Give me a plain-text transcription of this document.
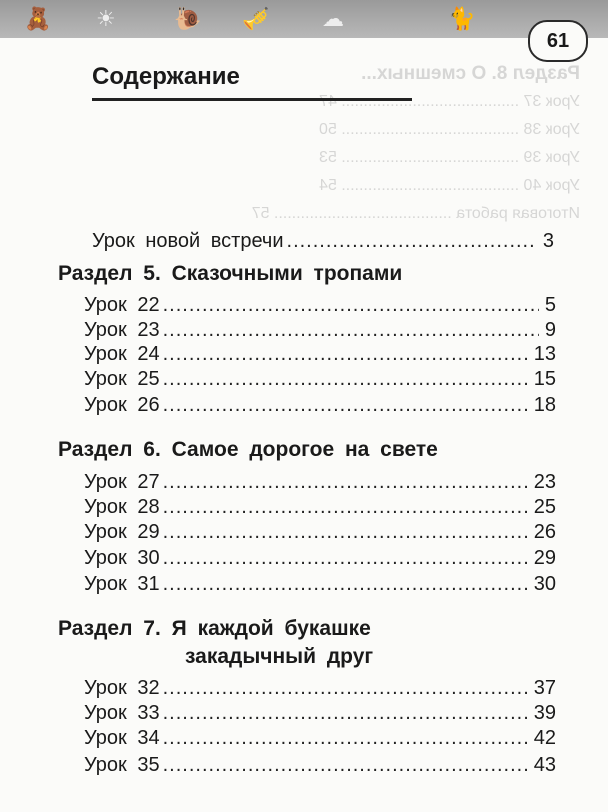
🧸 ☀	🐌 🎺 ☁	🐈
61
Раздел 8. О смешных...
Урок 37 ........................................ 47
Урок 38 ........................................ 50
Урок 39 ........................................ 53
Урок 40 ........................................ 54
Итоговая работа ........................................ 57
Содержание
Урок новой встречи .....	3
Раздел 5. Сказочными тропами
Урок 22 .....	5
Урок 23 .....	9
Урок 24 .....	13
Урок 25 .....	15
Урок 26 .....	18
Раздел 6. Самое дорогое на свете
Урок 27 .....	23
Урок 28 .....	25
Урок 29 .....	26
Урок 30 .....	29
Урок 31 .....	30
Раздел 7. Я каждой букашке
закадычный друг
Урок 32 .....	37
Урок 33 .....	39
Урок 34 .....	42
Урок 35 .....	43
